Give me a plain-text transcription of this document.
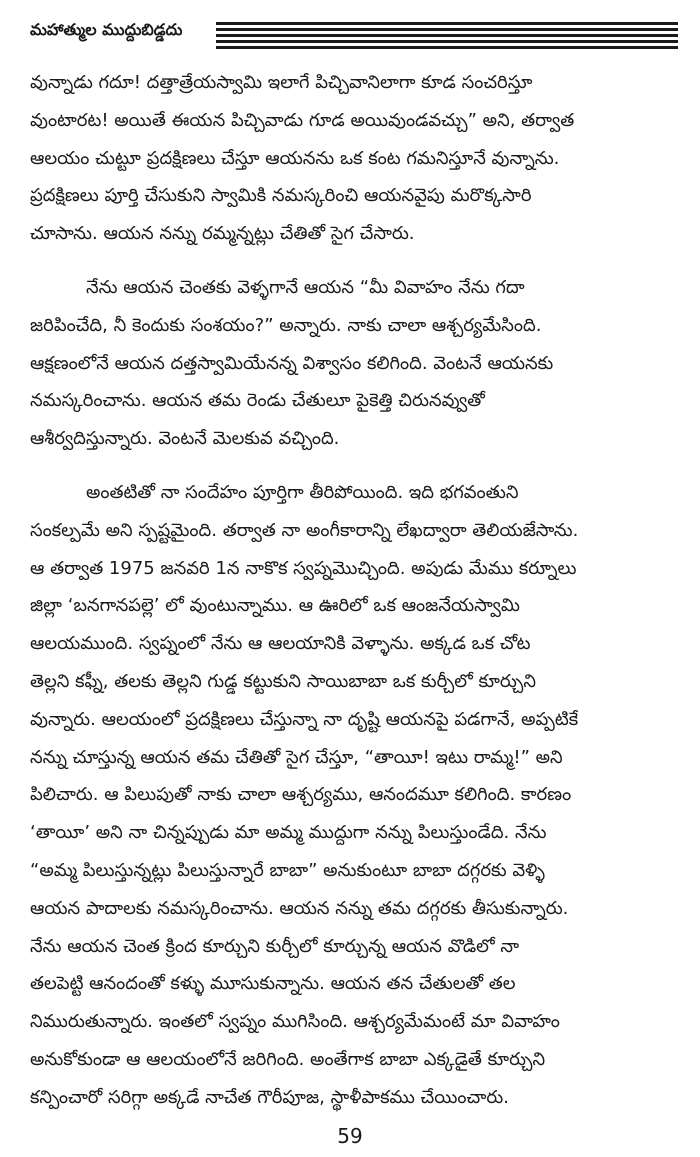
మహాత్ముల ముద్దుబిడ్డదు

వున్నాడు గదూ! దత్తాత్రేయస్వామి ఇలాగే పిచ్చివానిలాగా కూడ సంచరిస్తూ
వుంటారట! అయితే ఈయన పిచ్చివాడు గూడ అయివుండవచ్చు” అని, తర్వాత
ఆలయం చుట్టూ ప్రదక్షిణలు చేస్తూ ఆయనను ఒక కంట గమనిస్తూనే వున్నాను.
ప్రదక్షిణలు పూర్తి చేసుకుని స్వామికి నమస్కరించి ఆయనవైపు మరొక్కసారి
చూసాను. ఆయన నన్ను రమ్మన్నట్లు చేతితో సైగ చేసారు.

నేను ఆయన చెంతకు వెళ్ళగానే ఆయన “మీ వివాహం నేను గదా
జరిపించేది, నీ కెందుకు సంశయం?” అన్నారు. నాకు చాలా ఆశ్చర్యమేసింది.
ఆక్షణంలోనే ఆయన దత్తస్వామియేనన్న విశ్వాసం కలిగింది. వెంటనే ఆయనకు
నమస్కరించాను. ఆయన తమ రెండు చేతులూ పైకెత్తి చిరునవ్వుతో
ఆశీర్వదిస్తున్నారు. వెంటనే మెలకువ వచ్చింది.

అంతటితో నా సందేహం పూర్తిగా తీరిపోయింది. ఇది భగవంతుని
సంకల్పమే అని స్పష్టమైంది. తర్వాత నా అంగీకారాన్ని లేఖద్వారా తెలియజేసాను.
ఆ తర్వాత 1975 జనవరి 1న నాకొక స్వప్నమొచ్చింది. అపుడు మేము కర్నూలు
జిల్లా ‘బనగానపల్లె’ లో వుంటున్నాము. ఆ ఊరిలో ఒక ఆంజనేయస్వామి
ఆలయముంది. స్వప్నంలో నేను ఆ ఆలయానికి వెళ్ళాను. అక్కడ ఒక చోట
తెల్లని కఫ్నీ, తలకు తెల్లని గుడ్డ కట్టుకుని సాయిబాబా ఒక కుర్చీలో కూర్చుని
వున్నారు. ఆలయంలో ప్రదక్షిణలు చేస్తున్నా నా దృష్టి ఆయనపై పడగానే, అప్పటికే
నన్ను చూస్తున్న ఆయన తమ చేతితో సైగ చేస్తూ, “తాయీ! ఇటు రామ్మ!” అని
పిలిచారు. ఆ పిలుపుతో నాకు చాలా ఆశ్చర్యము, ఆనందమూ కలిగింది. కారణం
‘తాయీ’ అని నా చిన్నప్పుడు మా అమ్మ ముద్దుగా నన్ను పిలుస్తుండేది. నేను
“అమ్మ పిలుస్తున్నట్లు పిలుస్తున్నారే బాబా” అనుకుంటూ బాబా దగ్గరకు వెళ్ళి
ఆయన పాదాలకు నమస్కరించాను. ఆయన నన్ను తమ దగ్గరకు తీసుకున్నారు.
నేను ఆయన చెంత క్రింద కూర్చుని కుర్చీలో కూర్చున్న ఆయన వొడిలో నా
తలపెట్టి ఆనందంతో కళ్ళు మూసుకున్నాను. ఆయన తన చేతులతో తల
నిమురుతున్నారు. ఇంతలో స్వప్నం ముగిసింది. ఆశ్చర్యమేమంటే మా వివాహం
అనుకోకుండా ఆ ఆలయంలోనే జరిగింది. అంతేగాక బాబా ఎక్కడైతే కూర్చుని
కన్పించారో సరిగ్గా అక్కడే నాచేత గౌరీపూజ, స్థాళీపాకము చేయించారు.

59
